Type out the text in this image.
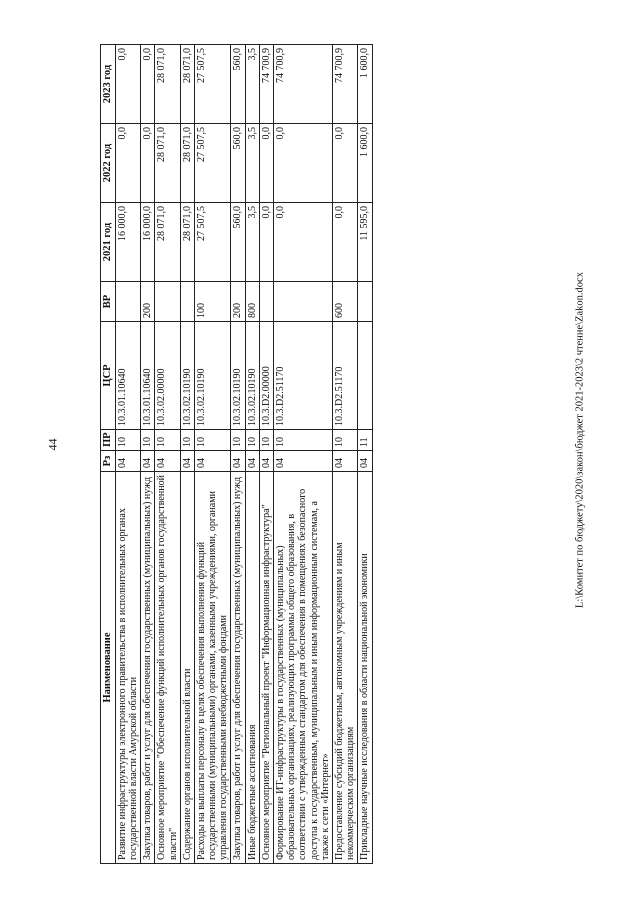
44
Наименование	Рз	ПР	ЦСР	ВР	2021 год	2022 год	2023 год
Развитие инфраструктуры электронного правительства в исполнительных органах государственной власти Амурской области	04	10	10.3.01.10640		16 000,0	0,0	0,0
Закупка товаров, работ и услуг для обеспечения государственных (муниципальных) нужд	04	10	10.3.01.10640	200	16 000,0	0,0	0,0
Основное мероприятие "Обеспечение функций исполнительных органов государственной власти"	04	10	10.3.02.00000		28 071,0	28 071,0	28 071,0
Содержание органов исполнительной власти	04	10	10.3.02.10190		28 071,0	28 071,0	28 071,0
Расходы на выплаты персоналу в целях обеспечения выполнения функций государственными (муниципальными) органами, казенными учреждениями, органами управления государственными внебюджетными фондами	04	10	10.3.02.10190	100	27 507,5	27 507,5	27 507,5
Закупка товаров, работ и услуг для обеспечения государственных (муниципальных) нужд	04	10	10.3.02.10190	200	560,0	560,0	560,0
Иные бюджетные ассигнования	04	10	10.3.02.10190	800	3,5	3,5	3,5
Основное мероприятие "Региональный проект "Информационная инфраструктура"	04	10	10.3.D2.00000		0,0	0,0	74 700,9
Формирование ИТ-инфраструктуры в государственных (муниципальных) образовательных организациях, реализующих программы общего образования, в соответствии с утвержденным стандартом для обеспечения в помещениях безопасного доступа к государственным, муниципальным и иным информационным системам, а также к сети «Интернет»	04	10	10.3.D2.51170		0,0	0,0	74 700,9
Предоставление субсидий бюджетным, автономным учреждениям и иным некоммерческим организациям	04	10	10.3.D2.51170	600	0,0	0,0	74 700,9
Прикладные научные исследования в области национальной экономики	04	11			11 595,0	1 600,0	1 600,0
L:\Комитет по бюджету\2020\закон\бюджет 2021-2023\2 чтение\Zakon.docx
